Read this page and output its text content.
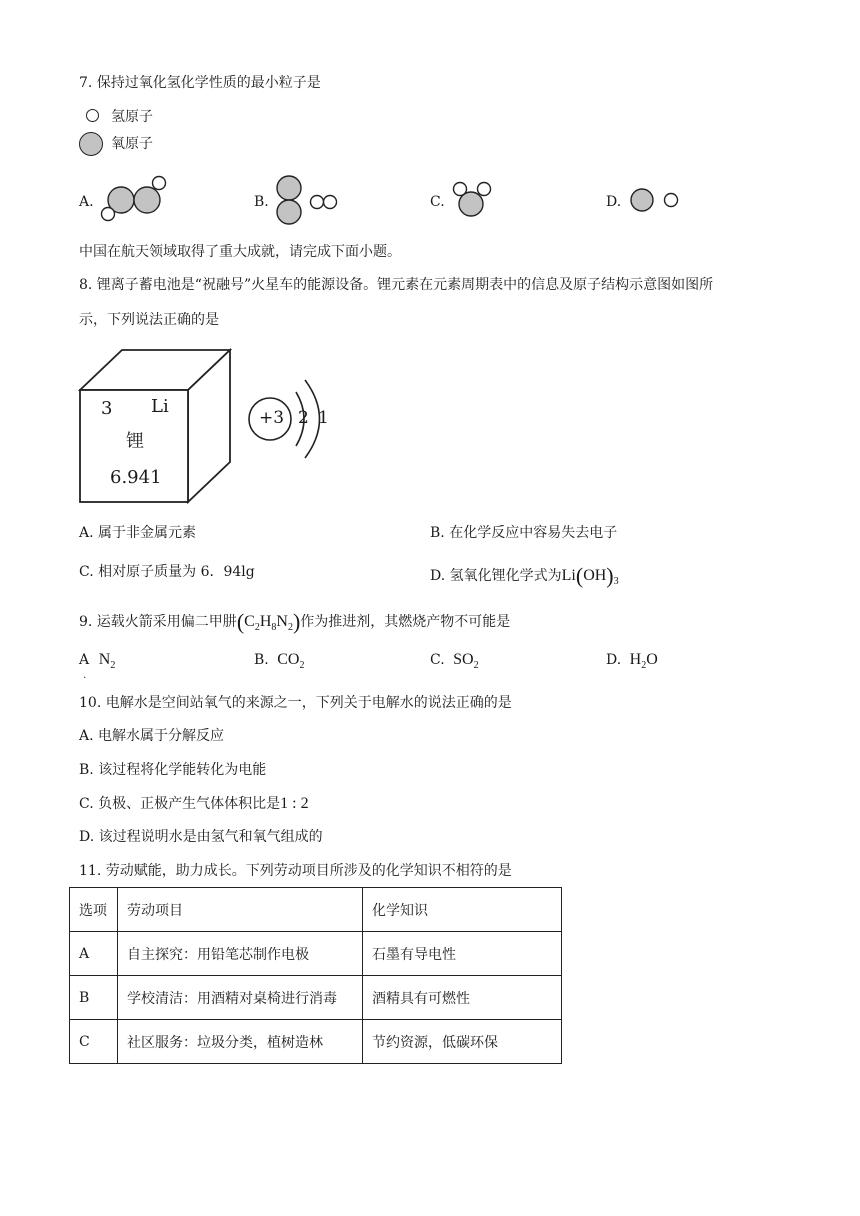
7. 保持过氧化氢化学性质的最小粒子是
氢原子
氧原子
A.	B.	C.	D.
中国在航天领域取得了重大成就，请完成下面小题。
8. 锂离子蓄电池是“祝融号”火星车的能源设备。锂元素在元素周期表中的信息及原子结构示意图如图所
示，下列说法正确的是
3 Li
锂
6.941
+3 2 1
A. 属于非金属元素	B. 在化学反应中容易失去电子
C. 相对原子质量为 6．94lg	D. 氢氧化锂化学式为$Li(OH)_3$
9. 运载火箭采用偏二甲肼$(C_2H_8N_2)$作为推进剂，其燃烧产物不可能是
$A_.$ $N_2$	B. $CO_2$	C. $SO_2$	D. $H_2O$
10. 电解水是空间站氧气的来源之一，下列关于电解水的说法正确的是
A. 电解水属于分解反应
B. 该过程将化学能转化为电能
C. 负极、正极产生气体体积比是1 : 2
D. 该过程说明水是由氢气和氧气组成的
11. 劳动赋能，助力成长。下列劳动项目所涉及的化学知识不相符的是
选项	劳动项目	化学知识
A	自主探究：用铅笔芯制作电极	石墨有导电性
B	学校清洁：用酒精对桌椅进行消毒	酒精具有可燃性
C	社区服务：垃圾分类，植树造林	节约资源，低碳环保
